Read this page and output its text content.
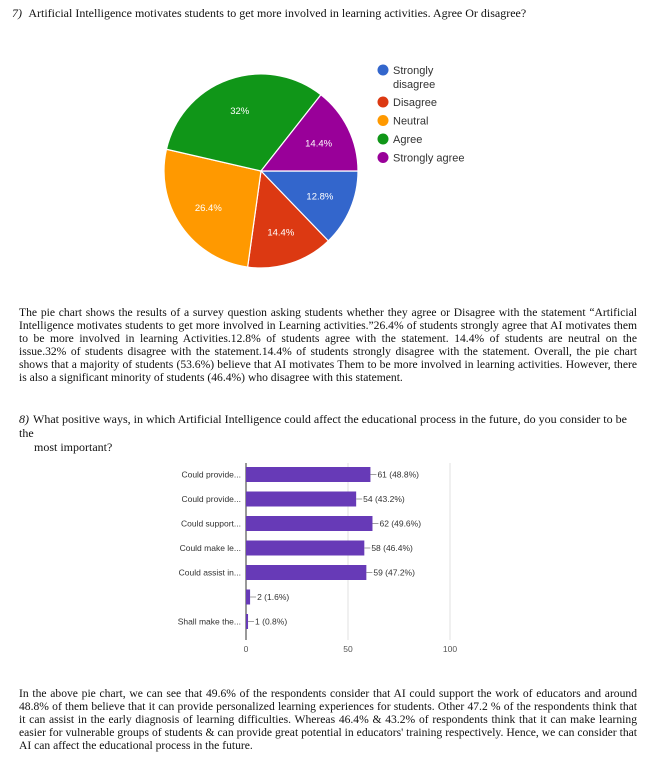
7) Artificial Intelligence motivates students to get more involved in learning activities. Agree Or disagree?
12.8%
14.4%
26.4%
32%
14.4%
Strongly disagree
Disagree
Neutral
Agree
Strongly agree
The pie chart shows the results of a survey question asking students whether they agree or Disagree with the statement “Artificial Intelligence motivates students to get more involved in Learning activities.”26.4% of students strongly agree that AI motivates them to be more involved in learning Activities.12.8% of students agree with the statement. 14.4% of students are neutral on the issue.32% of students disagree with the statement.14.4% of students strongly disagree with the statement. Overall, the pie chart shows that a majority of students (53.6%) believe that AI motivates Them to be more involved in learning activities. However, there is also a significant minority of students (46.4%) who disagree with this statement.
8) What positive ways, in which Artificial Intelligence could affect the educational process in the future, do you consider to be the
most important?
Could provide...
Could provide...
Could support...
Could make le...
Could assist in...
Shall make the...
61 (48.8%)
54 (43.2%)
62 (49.6%)
58 (46.4%)
59 (47.2%)
2 (1.6%)
1 (0.8%)
0	50	100
In the above pie chart, we can see that 49.6% of the respondents consider that AI could support the work of educators and around 48.8% of them believe that it can provide personalized learning experiences for students. Other 47.2 % of the respondents think that it can assist in the early diagnosis of learning difficulties. Whereas 46.4% & 43.2% of respondents think that it can make learning easier for vulnerable groups of students & can provide great potential in educators' training respectively. Hence, we can consider that AI can affect the educational process in the future.
